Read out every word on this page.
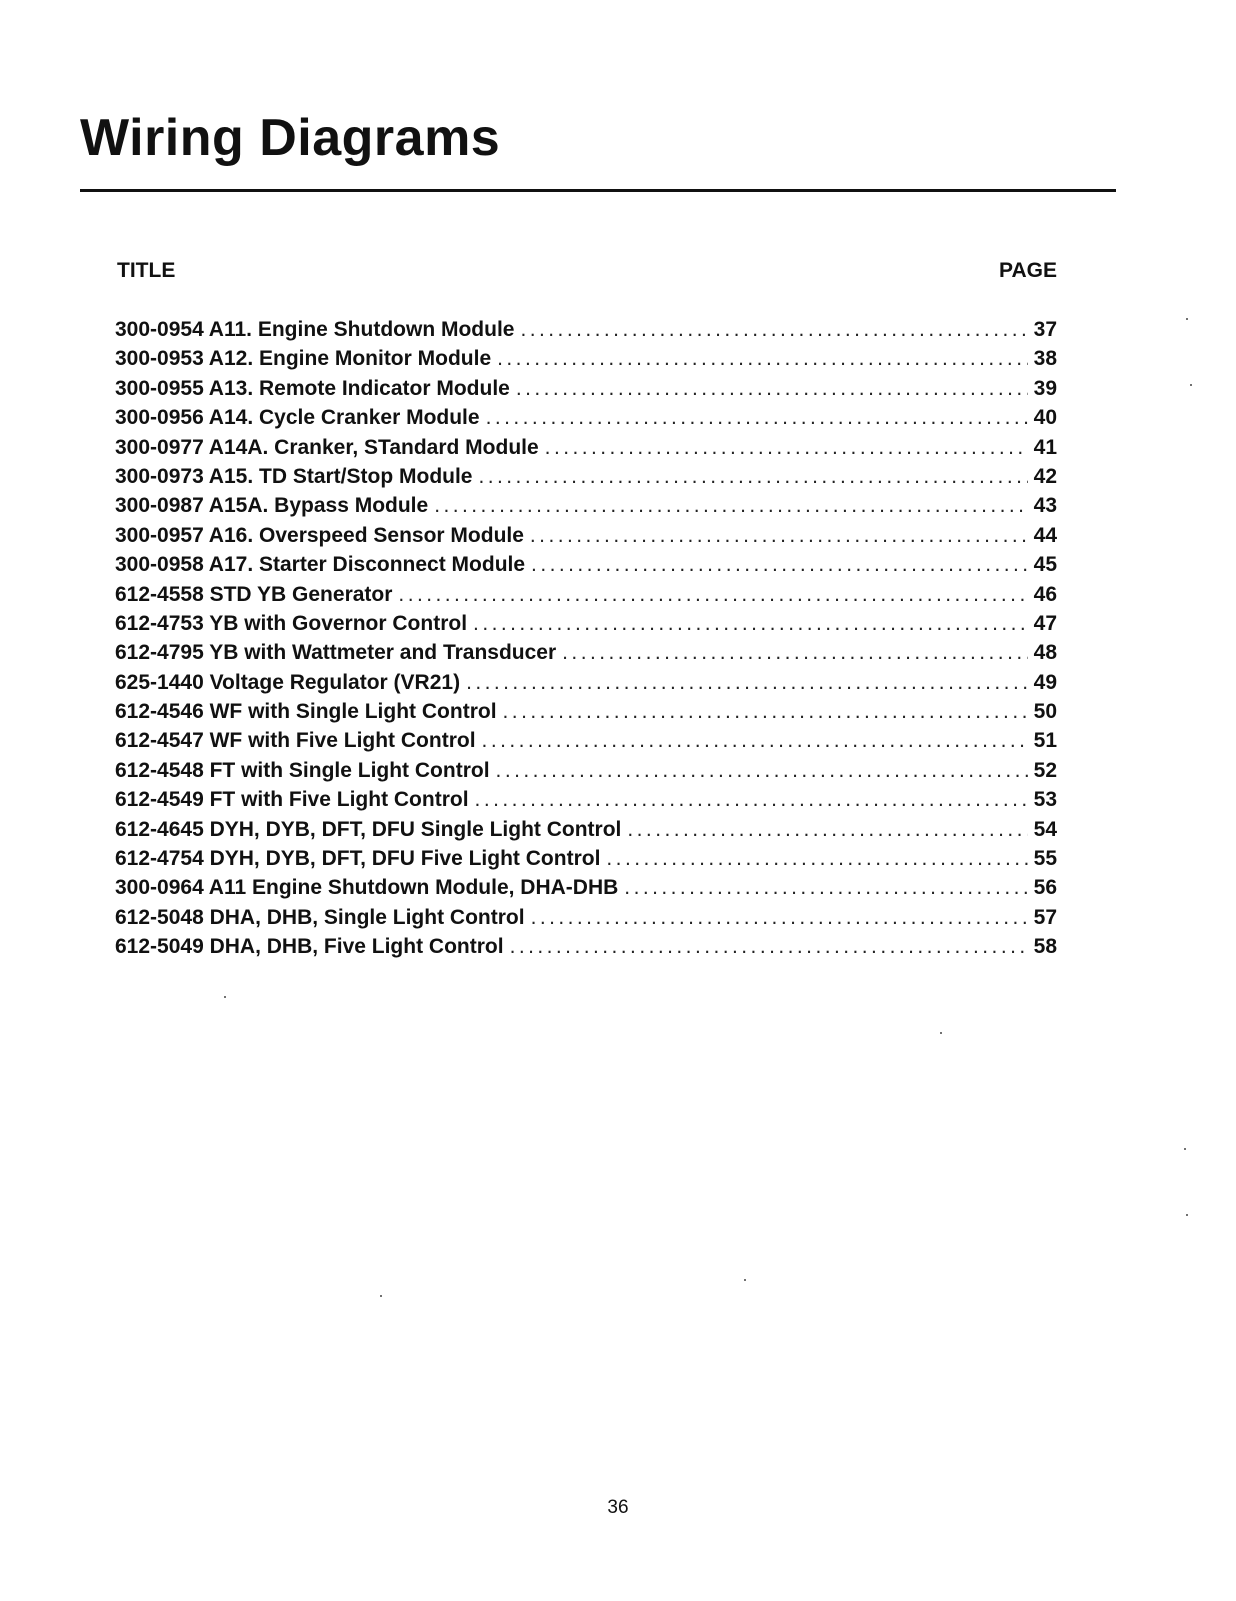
Wiring Diagrams
TITLE	PAGE
300-0954 A11. Engine Shutdown Module . . .	37
300-0953 A12. Engine Monitor Module . . .	38
300-0955 A13. Remote Indicator Module . . .	39
300-0956 A14. Cycle Cranker Module . . .	40
300-0977 A14A. Cranker, STandard Module . . .	41
300-0973 A15. TD Start/Stop Module . . .	42
300-0987 A15A. Bypass Module . . .	43
300-0957 A16. Overspeed Sensor Module . . .	44
300-0958 A17. Starter Disconnect Module . . .	45
612-4558 STD YB Generator . . .	46
612-4753 YB with Governor Control . . .	47
612-4795 YB with Wattmeter and Transducer . . .	48
625-1440 Voltage Regulator (VR21) . . .	49
612-4546 WF with Single Light Control . . .	50
612-4547 WF with Five Light Control . . .	51
612-4548 FT with Single Light Control . . .	52
612-4549 FT with Five Light Control . . .	53
612-4645 DYH, DYB, DFT, DFU Single Light Control . . .	54
612-4754 DYH, DYB, DFT, DFU Five Light Control . . .	55
300-0964 A11 Engine Shutdown Module, DHA-DHB . . .	56
612-5048 DHA, DHB, Single Light Control . . .	57
612-5049 DHA, DHB, Five Light Control . . .	58
36
